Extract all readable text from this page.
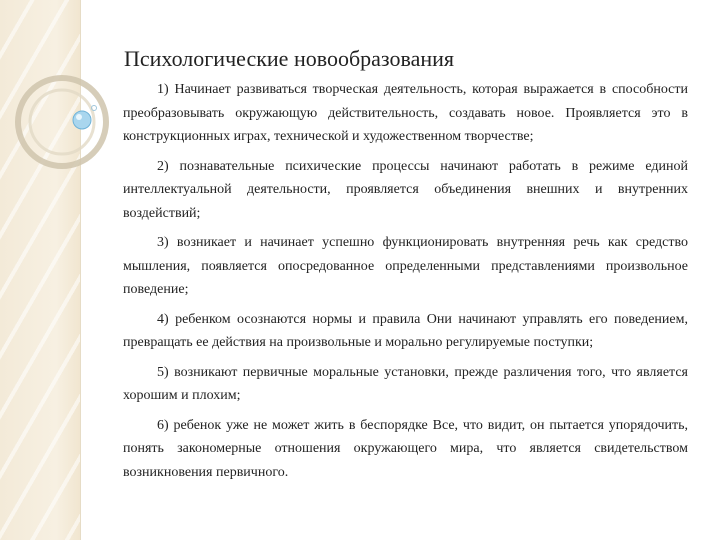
Психологические новообразования

1) Начинает развиваться творческая деятельность, которая выражается в способности преобразовывать окружающую действительность, создавать новое. Проявляется это в конструкционных играх, технической и художественном творчестве;

2) познавательные психические процессы начинают работать в режиме единой интеллектуальной деятельности, проявляется объединения внешних и внутренних воздействий;

3) возникает и начинает успешно функционировать внутренняя речь как средство мышления, появляется опосредованное определенными представлениями произвольное поведение;

4) ребенком осознаются нормы и правила Они начинают управлять его поведением, превращать ее действия на произвольные и морально регулируемые поступки;

5) возникают первичные моральные установки, прежде различения того, что является хорошим и плохим;

6) ребенок уже не может жить в беспорядке Все, что видит, он пытается упорядочить, понять закономерные отношения окружающего мира, что является свидетельством возникновения первичного.
